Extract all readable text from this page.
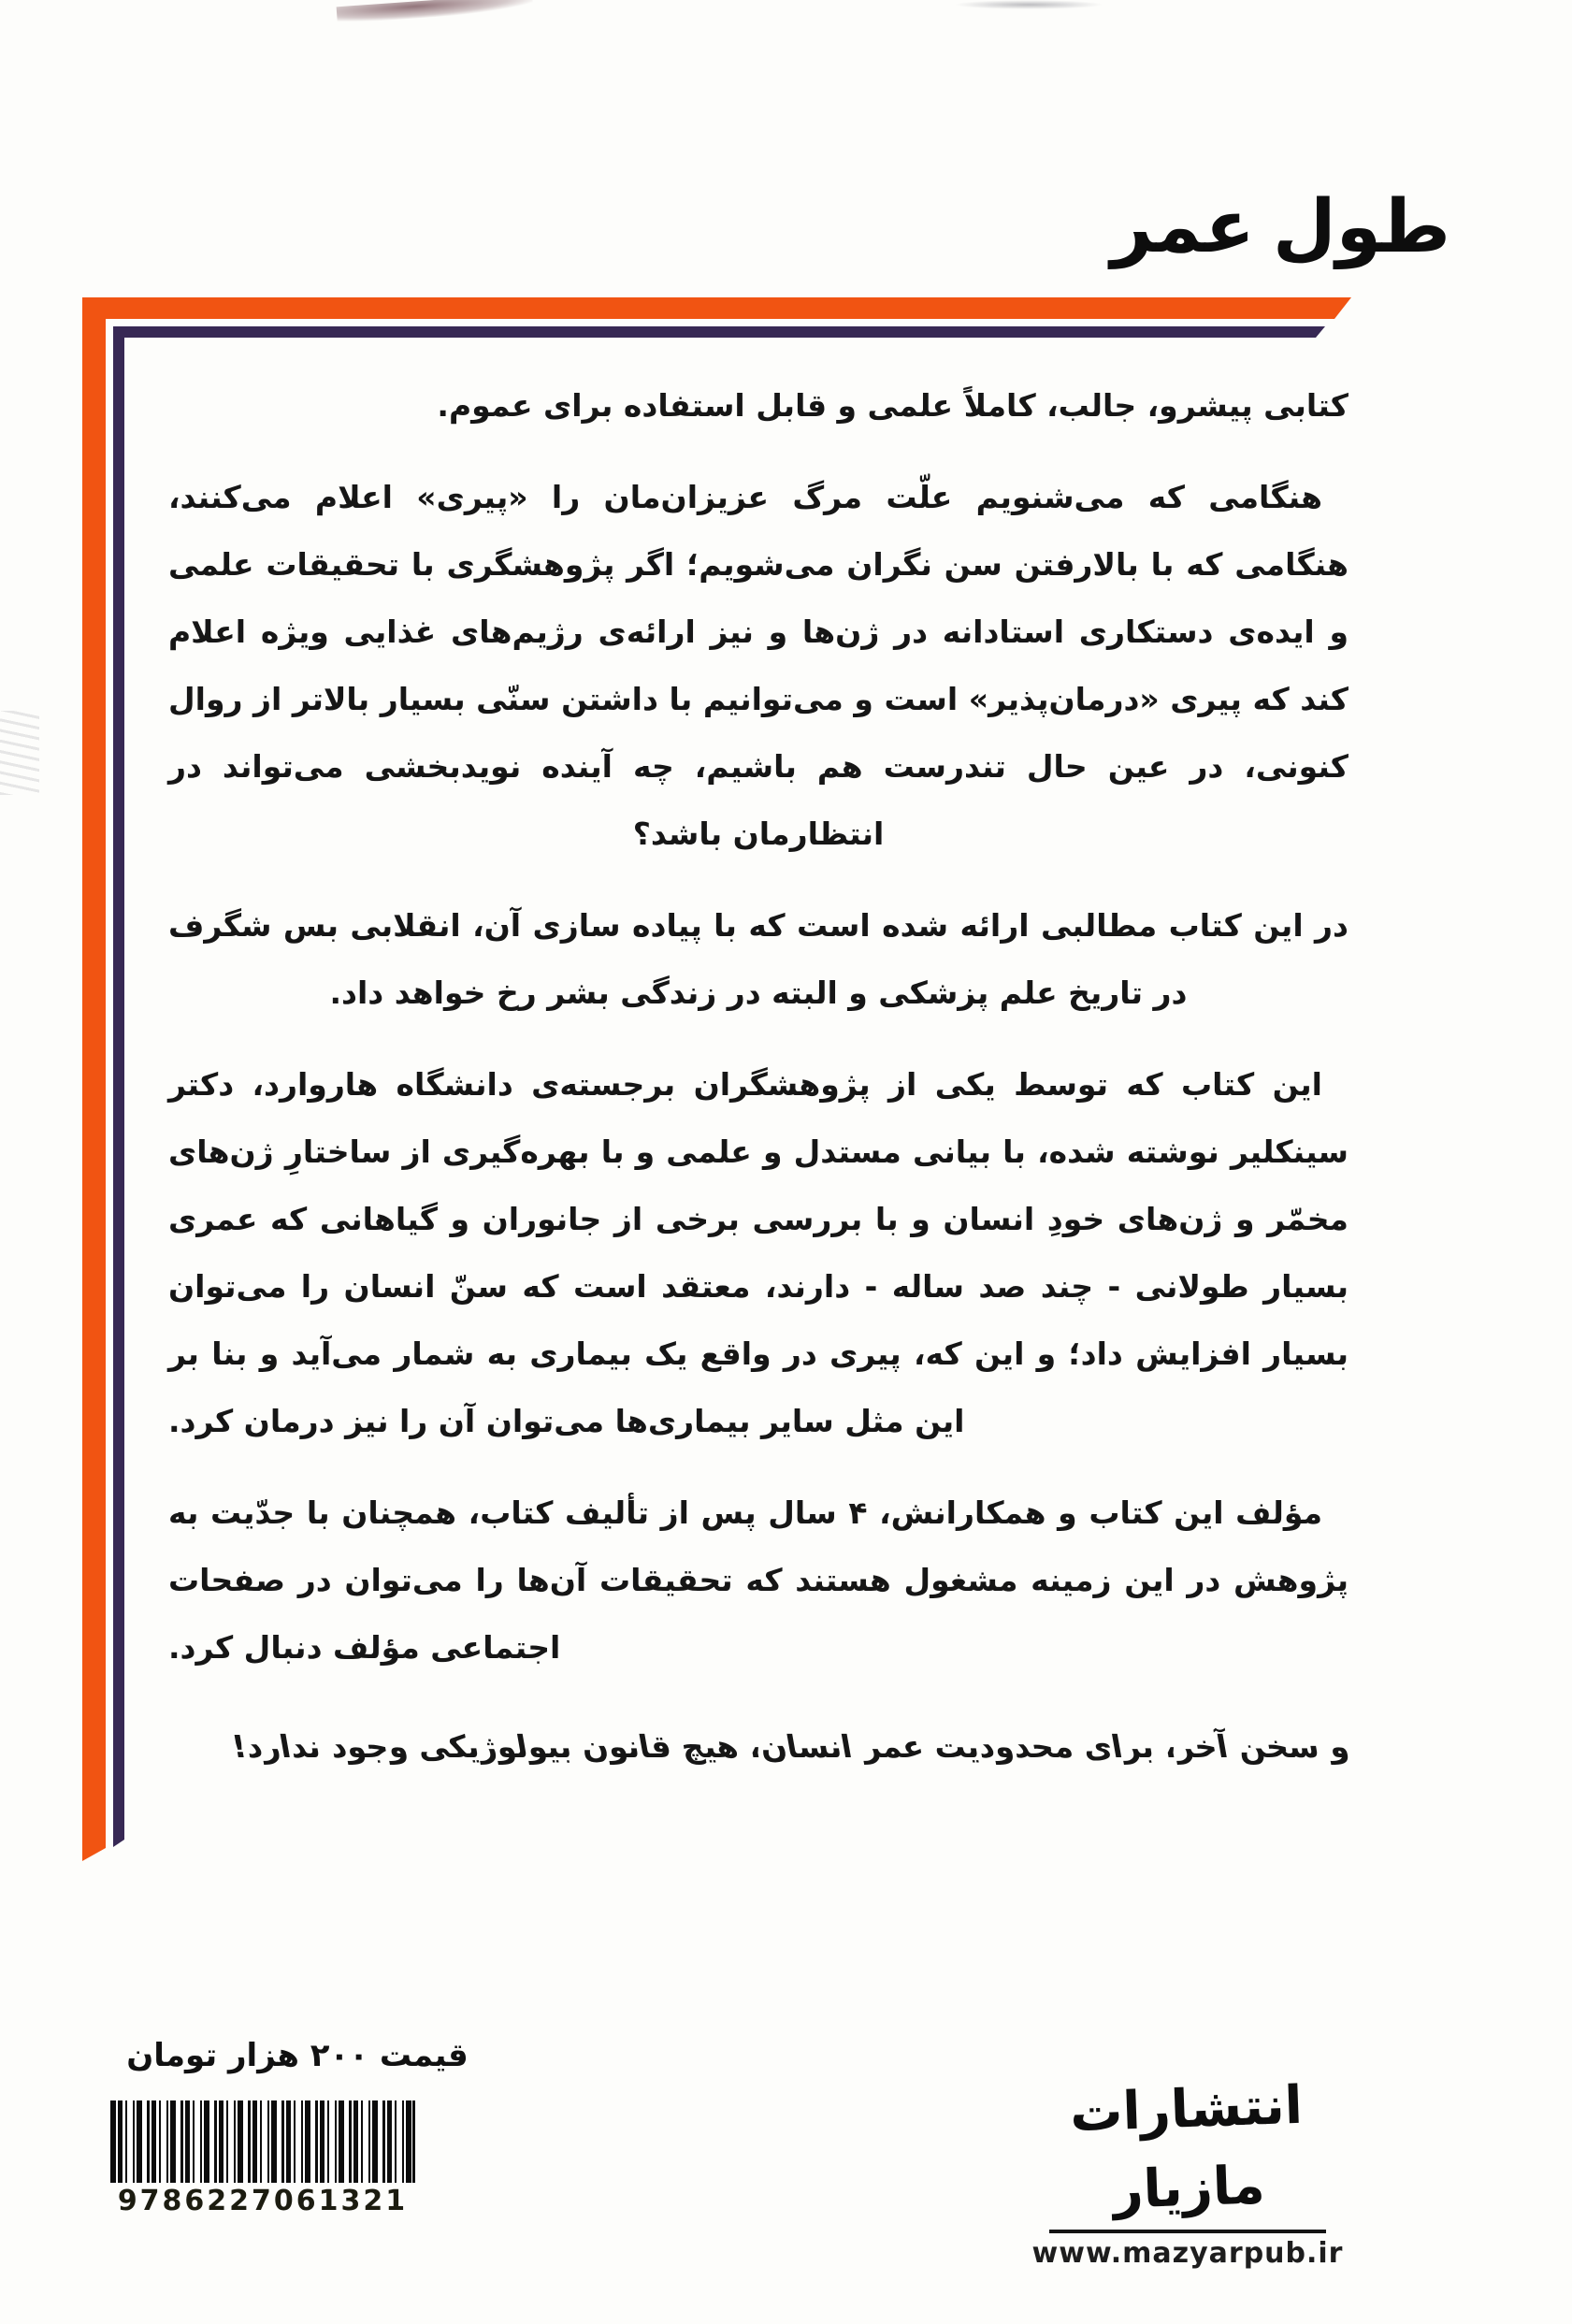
طول عمر

کتابی پیشرو، جالب، کاملاً علمی و قابل استفاده برای عموم.

هنگامی که می‌شنویم علّت مرگ عزیزان‌مان را «پیری» اعلام می‌کنند، هنگامی که با بالارفتن سن نگران می‌شویم؛ اگر پژوهشگری با تحقیقات علمی و ایده‌ی دستکاری استادانه در ژن‌ها و نیز ارائه‌ی رژیم‌های غذایی ویژه اعلام کند که پیری «درمان‌پذیر» است و می‌توانیم با داشتن سنّی بسیار بالاتر از روال کنونی، در عین حال تندرست هم باشیم، چه آینده نویدبخشی می‌تواند در انتظارمان باشد؟

در این کتاب مطالبی ارائه شده است که با پیاده سازی آن، انقلابی بس شگرف در تاریخ علم پزشکی و البته در زندگی بشر رخ خواهد داد.

این کتاب که توسط یکی از پژوهشگران برجسته‌ی دانشگاه هاروارد، دکتر سینکلیر نوشته شده، با بیانی مستدل و علمی و با بهره‌گیری از ساختارِ ژن‌های مخمّر و ژن‌های خودِ انسان و با بررسی برخی از جانوران و گیاهانی که عمری بسیار طولانی - چند صد ساله - دارند، معتقد است که سنّ انسان را می‌توان بسیار افزایش داد؛ و این که، پیری در واقع یک بیماری به شمار می‌آید و بنا بر این مثل سایر بیماری‌ها می‌توان آن را نیز درمان کرد.

مؤلف این کتاب و همکارانش، ۴ سال پس از تألیف کتاب، همچنان با جدّیت به پژوهش در این زمینه مشغول هستند که تحقیقات آن‌ها را می‌توان در صفحات اجتماعی مؤلف دنبال کرد.

و سخن آخر، برای محدودیت عمر انسان، هیچ قانون بیولوژیکی وجود ندارد!

قیمت ۲۰۰ هزار تومان
9786227061321
انتشارات مازیار
www.mazyarpub.ir
